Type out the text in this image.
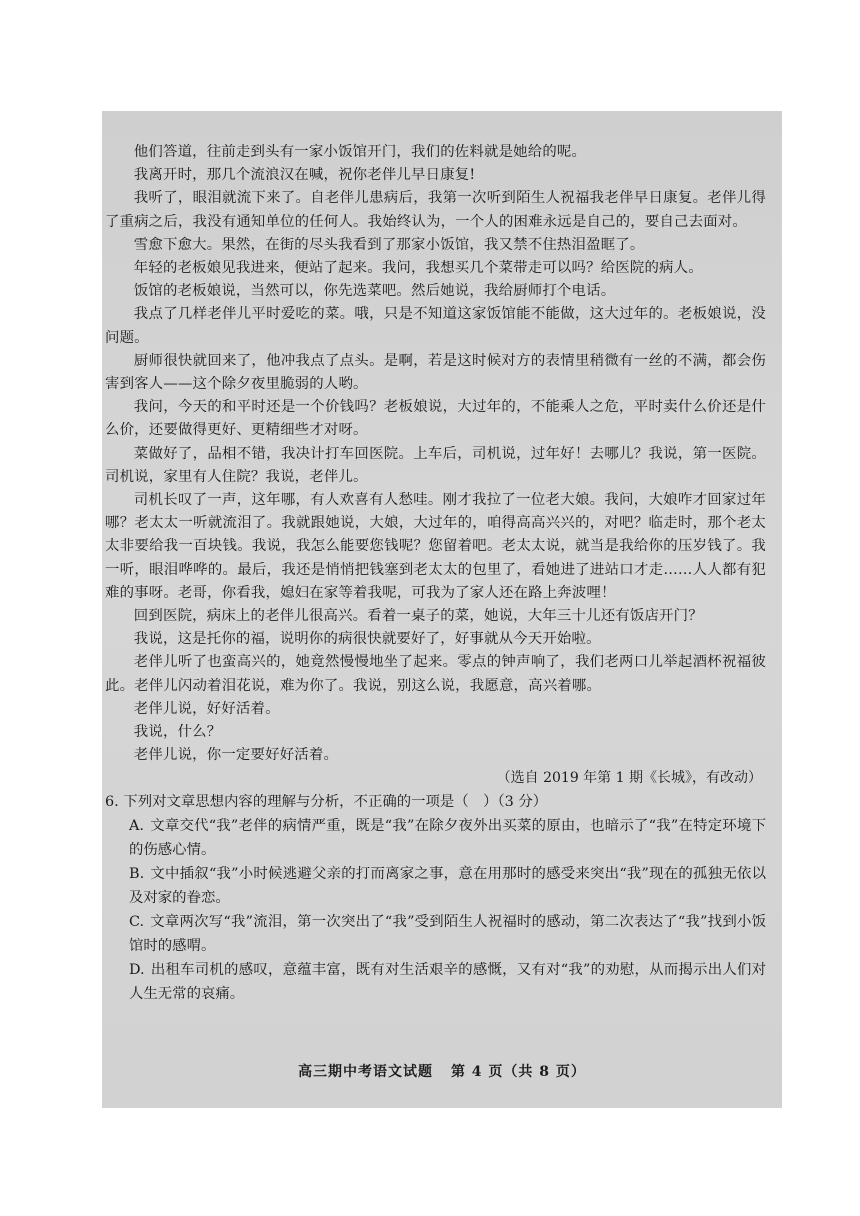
他们答道，往前走到头有一家小饭馆开门，我们的佐料就是她给的呢。

我离开时，那几个流浪汉在喊，祝你老伴儿早日康复!

我听了，眼泪就流下来了。自老伴儿患病后，我第一次听到陌生人祝福我老伴早日康复。老伴儿得了重病之后，我没有通知单位的任何人。我始终认为，一个人的困难永远是自己的，要自己去面对。

雪愈下愈大。果然，在街的尽头我看到了那家小饭馆，我又禁不住热泪盈眶了。

年轻的老板娘见我进来，便站了起来。我问，我想买几个菜带走可以吗？给医院的病人。

饭馆的老板娘说，当然可以，你先选菜吧。然后她说，我给厨师打个电话。

我点了几样老伴儿平时爱吃的菜。哦，只是不知道这家饭馆能不能做，这大过年的。老板娘说，没问题。

厨师很快就回来了，他冲我点了点头。是啊，若是这时候对方的表情里稍微有一丝的不满，都会伤害到客人——这个除夕夜里脆弱的人哟。

我问，今天的和平时还是一个价钱吗？老板娘说，大过年的，不能乘人之危，平时卖什么价还是什么价，还要做得更好、更精细些才对呀。

菜做好了，品相不错，我决计打车回医院。上车后，司机说，过年好！去哪儿？我说，第一医院。司机说，家里有人住院？我说，老伴儿。

司机长叹了一声，这年哪，有人欢喜有人愁哇。刚才我拉了一位老大娘。我问，大娘咋才回家过年哪？老太太一听就流泪了。我就跟她说，大娘，大过年的，咱得高高兴兴的，对吧？临走时，那个老太太非要给我一百块钱。我说，我怎么能要您钱呢？您留着吧。老太太说，就当是我给你的压岁钱了。我一听，眼泪哗哗的。最后，我还是悄悄把钱塞到老太太的包里了，看她进了进站口才走……人人都有犯难的事呀。老哥，你看我，媳妇在家等着我呢，可我为了家人还在路上奔波哩！

回到医院，病床上的老伴儿很高兴。看着一桌子的菜，她说，大年三十儿还有饭店开门？

我说，这是托你的福，说明你的病很快就要好了，好事就从今天开始啦。

老伴儿听了也蛮高兴的，她竟然慢慢地坐了起来。零点的钟声响了，我们老两口儿举起酒杯祝福彼此。老伴儿闪动着泪花说，难为你了。我说，别这么说，我愿意，高兴着哪。

老伴儿说，好好活着。

我说，什么？

老伴儿说，你一定要好好活着。

（选自 2019 年第 1 期《长城》，有改动）

6. 下列对文章思想内容的理解与分析，不正确的一项是（　）（3 分）

A. 文章交代“我”老伴的病情严重，既是“我”在除夕夜外出买菜的原由，也暗示了“我”在特定环境下的伤感心情。

B. 文中插叙“我”小时候逃避父亲的打而离家之事，意在用那时的感受来突出“我”现在的孤独无依以及对家的眷恋。

C. 文章两次写“我”流泪，第一次突出了“我”受到陌生人祝福时的感动，第二次表达了“我”找到小饭馆时的感喟。

D. 出租车司机的感叹，意蕴丰富，既有对生活艰辛的感慨，又有对“我”的劝慰，从而揭示出人们对人生无常的哀痛。

高三期中考语文试题 第 4 页（共 8 页）
